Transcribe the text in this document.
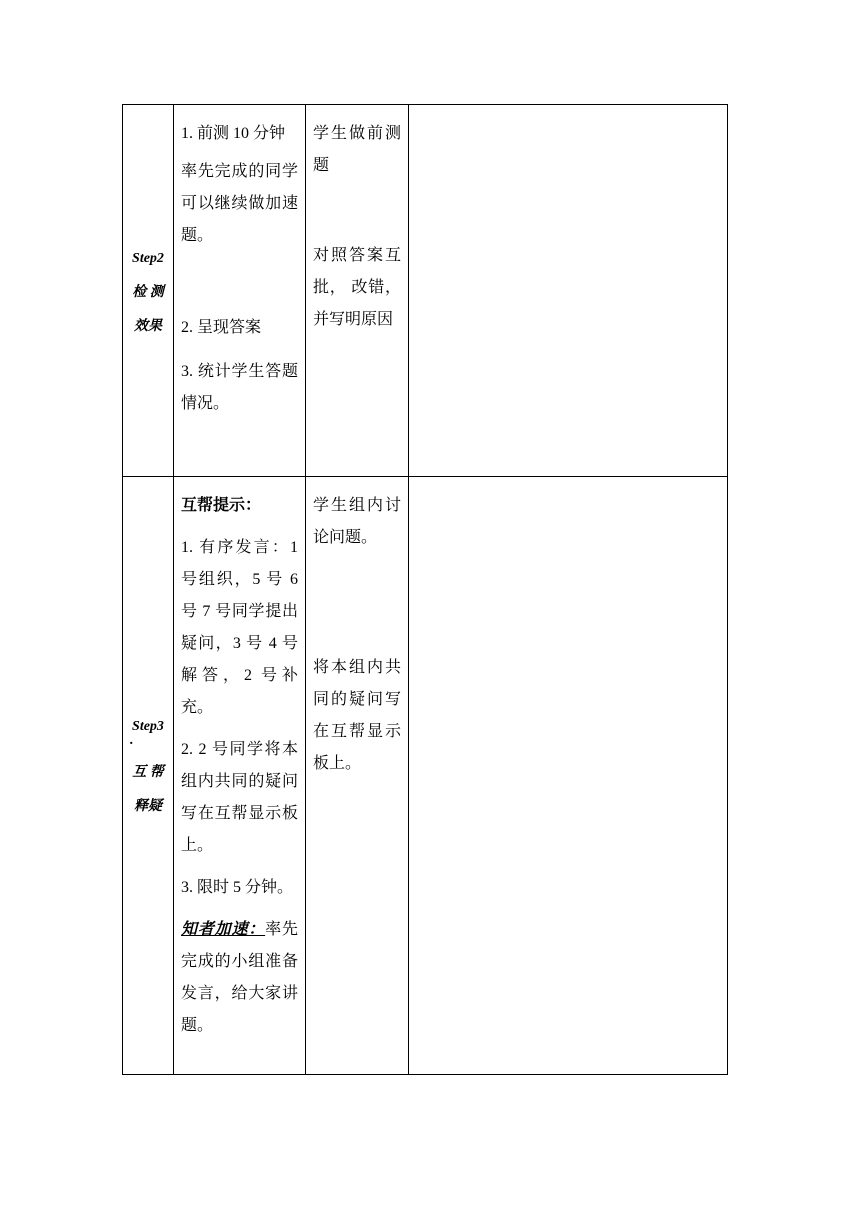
Step2
检 测
效果

1. 前测 10 分钟

率先完成的同学可以继续做加速题。

2. 呈现答案

3. 统计学生答题情况。

学生做前测题

对照答案互批， 改错，并写明原因

Step3
.
互 帮
释疑

互帮提示：

1. 有序发言：1 号组织，5 号 6 号 7 号同学提出疑问，3 号 4 号解答，2 号补充。

2. 2 号同学将本组内共同的疑问写在互帮显示板上。

3. 限时 5 分钟。

知者加速：率先完成的小组准备发言，给大家讲题。

学生组内讨论问题。

将本组内共同的疑问写在互帮显示板上。
